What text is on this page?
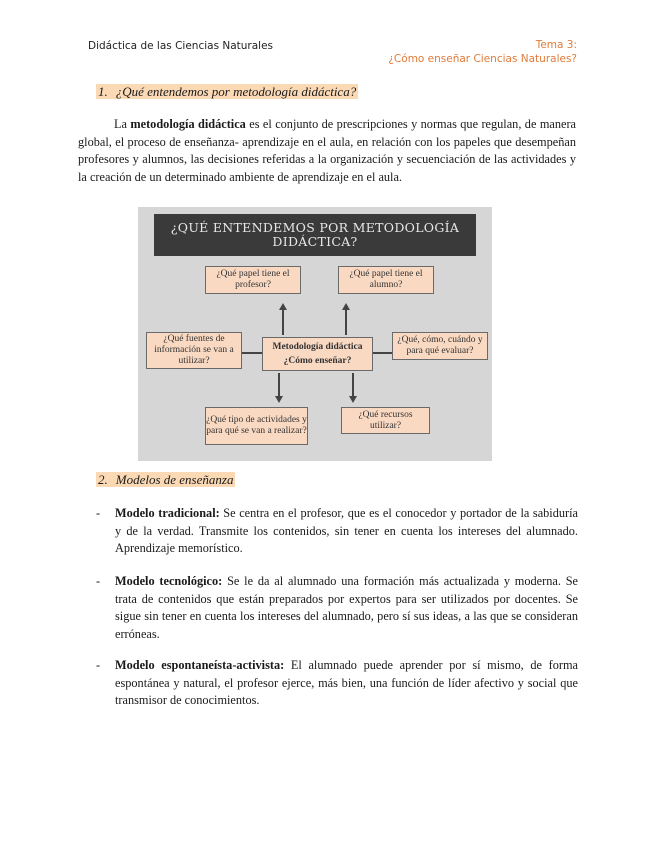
Didáctica de las Ciencias Naturales	Tema 3:
¿Cómo enseñar Ciencias Naturales?
1. ¿Qué entendemos por metodología didáctica?
La metodología didáctica es el conjunto de prescripciones y normas que regulan, de manera global, el proceso de enseñanza- aprendizaje en el aula, en relación con los papeles que desempeñan profesores y alumnos, las decisiones referidas a la organización y secuenciación de las actividades y la creación de un determinado ambiente de aprendizaje en el aula.
¿QUÉ ENTENDEMOS POR METODOLOGÍA
DIDÁCTICA?
¿Qué papel tiene el profesor?
¿Qué papel tiene el alumno?
¿Qué fuentes de información se van a utilizar?
Metodología didáctica
¿Cómo enseñar?
¿Qué, cómo, cuándo y para qué evaluar?
¿Qué tipo de actividades y para qué se van a realizar?
¿Qué recursos utilizar?
2. Modelos de enseñanza
- Modelo tradicional: Se centra en el profesor, que es el conocedor y portador de la sabiduría y de la verdad. Transmite los contenidos, sin tener en cuenta los intereses del alumnado. Aprendizaje memorístico.
- Modelo tecnológico: Se le da al alumnado una formación más actualizada y moderna. Se trata de contenidos que están preparados por expertos para ser utilizados por docentes. Se sigue sin tener en cuenta los intereses del alumnado, pero sí sus ideas, a las que se consideran erróneas.
- Modelo espontaneísta-activista: El alumnado puede aprender por sí mismo, de forma espontánea y natural, el profesor ejerce, más bien, una función de líder afectivo y social que transmisor de conocimientos.
